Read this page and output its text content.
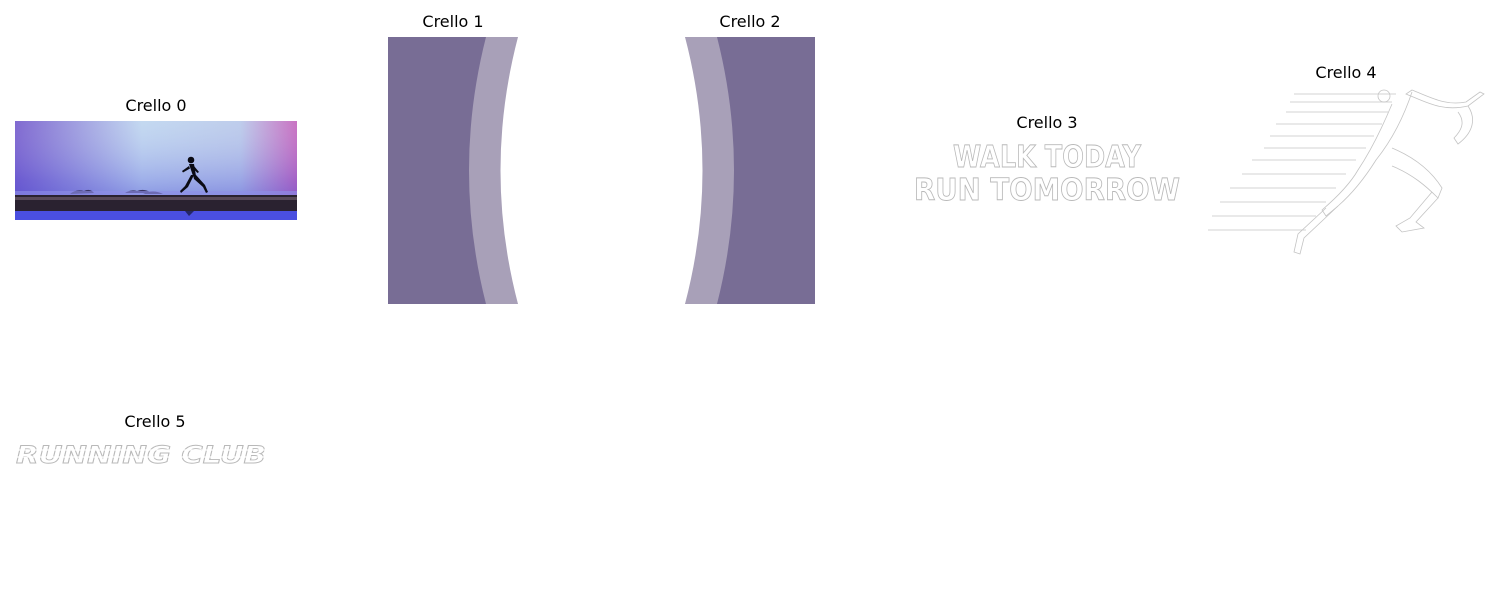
Crello 0
Crello 1	Crello 2
Crello 3
WALK TODAY
RUN TOMORROW
Crello 4
Crello 5
RUNNING CLUB
